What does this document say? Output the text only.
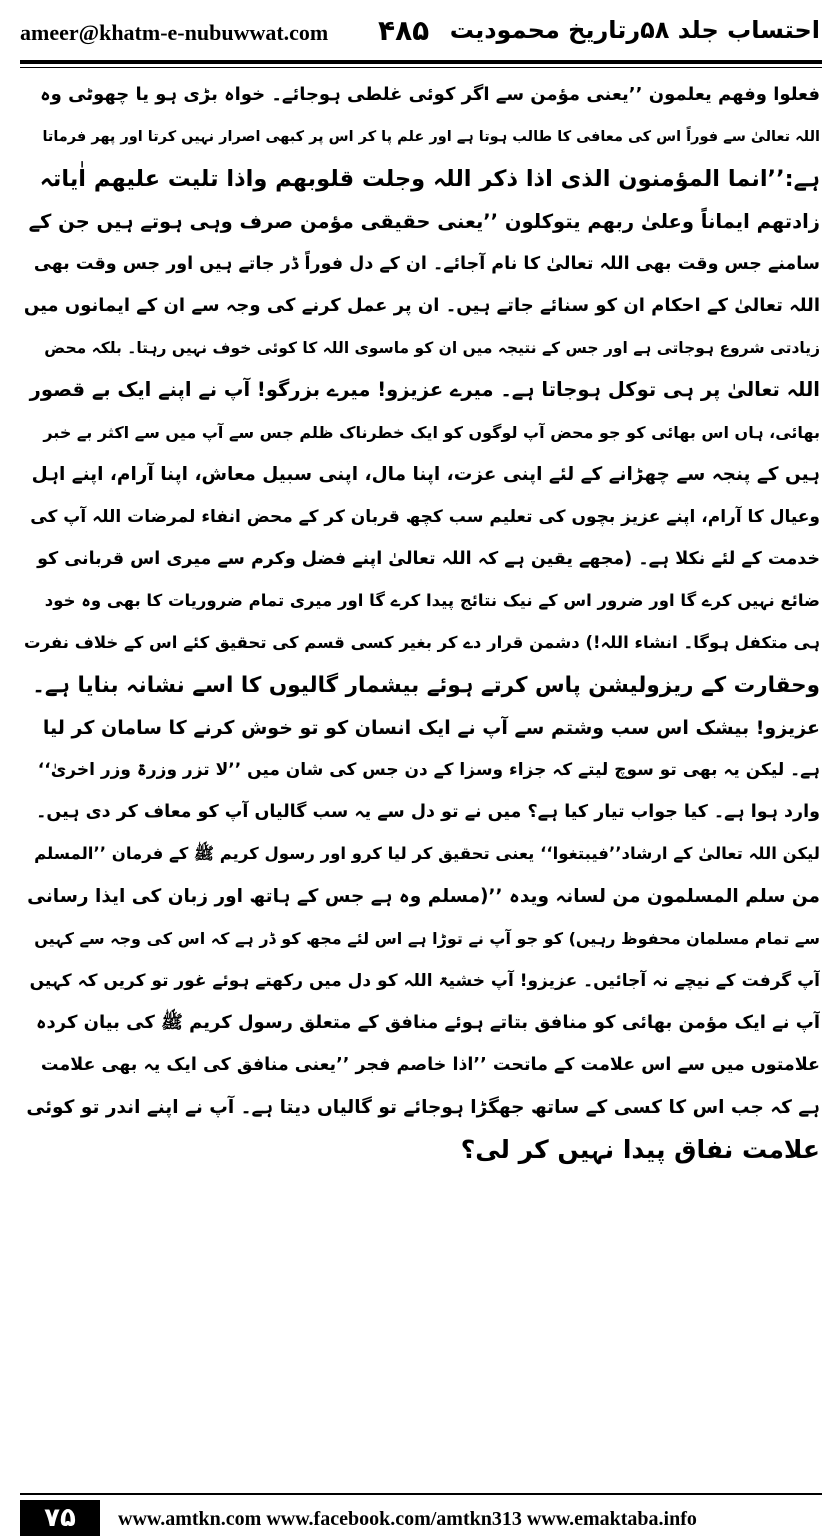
ameer@khatm-e-nubuwwat.com ۴۸۵ احتساب جلد ۵۸رتاریخ محمودیت
فعلوا وفهم یعلمون ’’یعنی مؤمن سے اگر کوئی غلطی ہوجائے۔ خواہ بڑی ہو یا چھوٹی وہ
اللہ تعالیٰ سے فوراً اس کی معافی کا طالب ہوتا ہے اور علم پا کر اس پر کبھی اصرار نہیں کرتا اور پھر فرماتا
ہے:’’انما المؤمنون الذی اذا ذکر اللہ وجلت قلوبھم واذا تلیت علیھم اٰیاتہ
زادتھم ایماناً وعلیٰ ربھم یتوکلون ’’یعنی حقیقی مؤمن صرف وہی ہوتے ہیں جن کے
سامنے جس وقت بھی اللہ تعالیٰ کا نام آجائے۔ ان کے دل فوراً ڈر جاتے ہیں اور جس وقت بھی
اللہ تعالیٰ کے احکام ان کو سنائے جاتے ہیں۔ ان پر عمل کرنے کی وجہ سے ان کے ایمانوں میں
زیادتی شروع ہوجاتی ہے اور جس کے نتیجہ میں ان کو ماسوی اللہ کا کوئی خوف نہیں رہتا۔ بلکہ محض
اللہ تعالیٰ پر ہی توکل ہوجاتا ہے۔ میرے عزیزو! میرے بزرگو! آپ نے اپنے ایک بے قصور
بھائی، ہاں اس بھائی کو جو محض آپ لوگوں کو ایک خطرناک ظلم جس سے آپ میں سے اکثر بے خبر
ہیں کے پنجہ سے چھڑانے کے لئے اپنی عزت، اپنا مال، اپنی سبیل معاش، اپنا آرام، اپنے اہل
وعیال کا آرام، اپنے عزیز بچوں کی تعلیم سب کچھ قربان کر کے محض انفاء لمرضات اللہ آپ کی
خدمت کے لئے نکلا ہے۔ (مجھے یقین ہے کہ اللہ تعالیٰ اپنے فضل وکرم سے میری اس قربانی کو
ضائع نہیں کرے گا اور ضرور اس کے نیک نتائج پیدا کرے گا اور میری تمام ضروریات کا بھی وہ خود
ہی متکفل ہوگا۔ انشاء اللہ!) دشمن قرار دے کر بغیر کسی قسم کی تحقیق کئے اس کے خلاف نفرت
وحقارت کے ریزولیشن پاس کرتے ہوئے بیشمار گالیوں کا اسے نشانہ بنایا ہے۔
عزیزو! بیشک اس سب وشتم سے آپ نے ایک انسان کو تو خوش کرنے کا سامان کر لیا
ہے۔ لیکن یہ بھی تو سوچ لیتے کہ جزاء وسزا کے دن جس کی شان میں ’’لا تزر وزرۃ وزر اخریٰ‘‘
وارد ہوا ہے۔ کیا جواب تیار کیا ہے؟ میں نے تو دل سے یہ سب گالیاں آپ کو معاف کر دی ہیں۔
لیکن اللہ تعالیٰ کے ارشاد’’فیبتغوا‘‘ یعنی تحقیق کر لیا کرو اور رسول کریم ﷺ کے فرمان ’’المسلم
من سلم المسلمون من لسانہ ویدہ ’’(مسلم وہ ہے جس کے ہاتھ اور زبان کی ایذا رسانی
سے تمام مسلمان محفوظ رہیں) کو جو آپ نے توڑا ہے اس لئے مجھ کو ڈر ہے کہ اس کی وجہ سے کہیں
آپ گرفت کے نیچے نہ آجائیں۔ عزیزو! آپ خشیۃ اللہ کو دل میں رکھتے ہوئے غور تو کریں کہ کہیں
آپ نے ایک مؤمن بھائی کو منافق بتاتے ہوئے منافق کے متعلق رسول کریم ﷺ کی بیان کردہ
علامتوں میں سے اس علامت کے ماتحت ’’اذا خاصم فجر ’’یعنی منافق کی ایک یہ بھی علامت
ہے کہ جب اس کا کسی کے ساتھ جھگڑا ہوجائے تو گالیاں دیتا ہے۔ آپ نے اپنے اندر تو کوئی
علامت نفاق پیدا نہیں کر لی؟
۷۵	www.amtkn.com www.facebook.com/amtkn313 www.emaktaba.info
